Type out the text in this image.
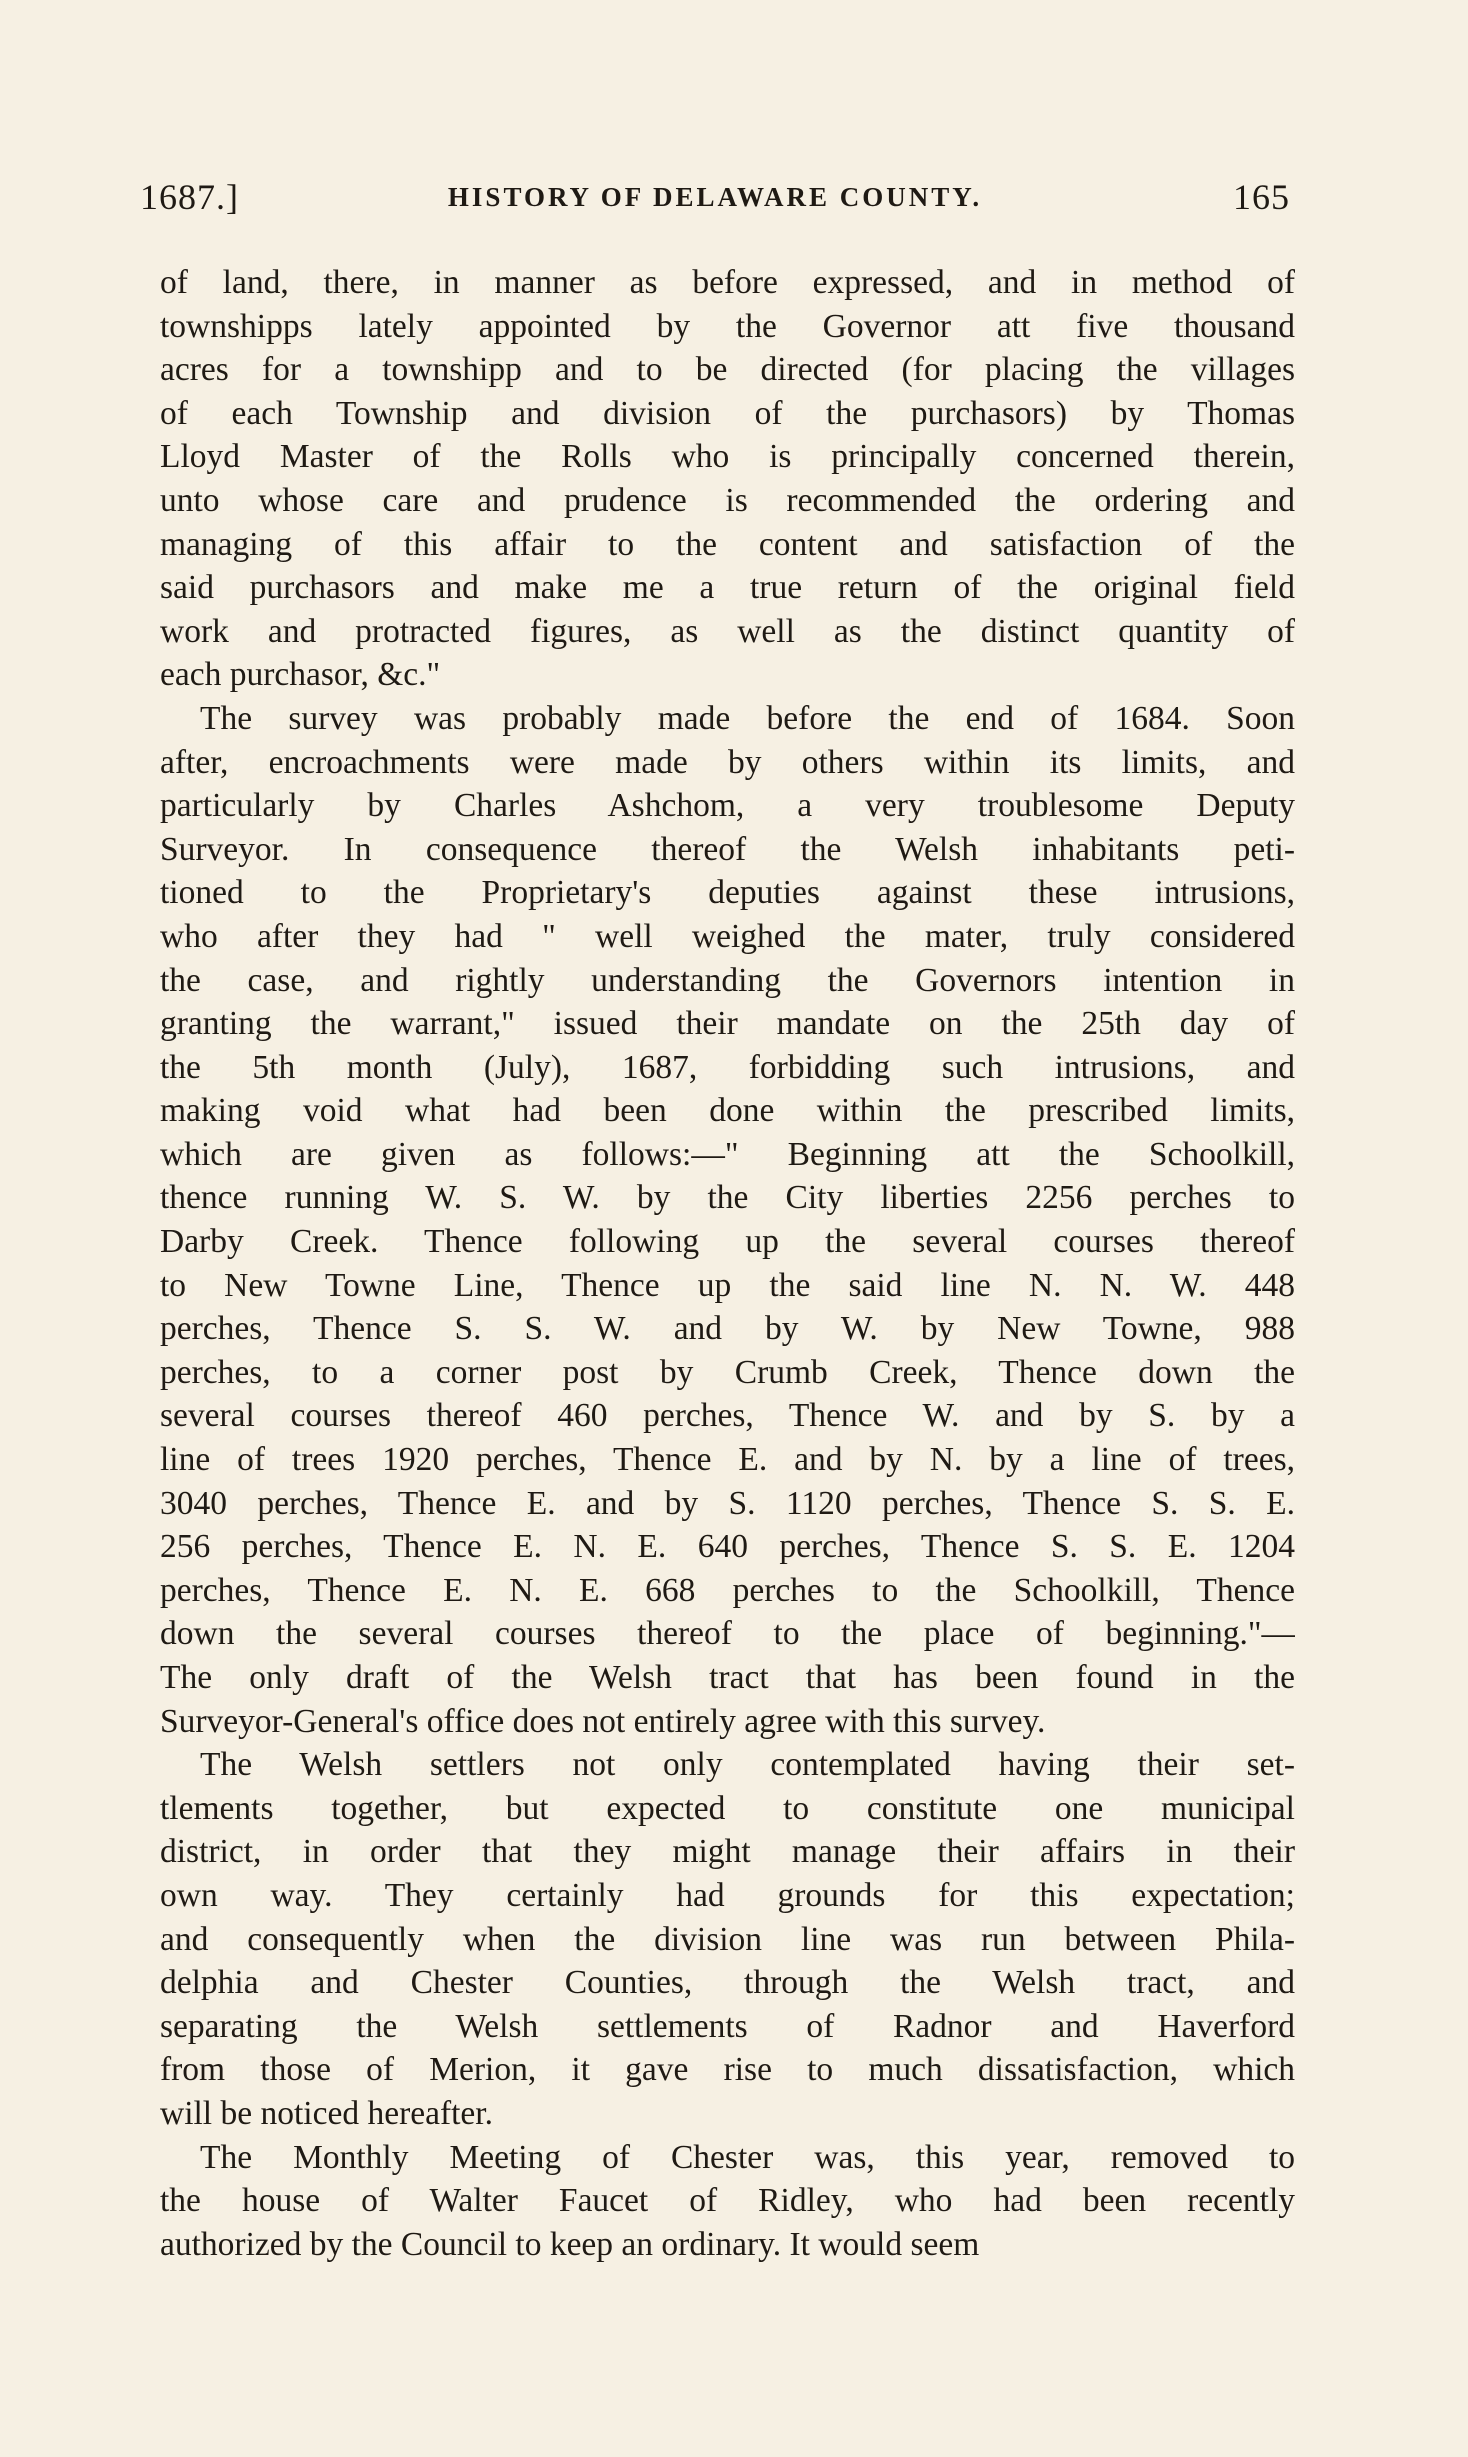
1687.]	HISTORY OF DELAWARE COUNTY.	165
of land, there, in manner as before expressed, and in method of
townshipps lately appointed by the Governor att five thousand
acres for a townshipp and to be directed (for placing the villages
of each Township and division of the purchasors) by Thomas
Lloyd Master of the Rolls who is principally concerned therein,
unto whose care and prudence is recommended the ordering and
managing of this affair to the content and satisfaction of the
said purchasors and make me a true return of the original field
work and protracted figures, as well as the distinct quantity of
each purchasor, &c."
The survey was probably made before the end of 1684. Soon
after, encroachments were made by others within its limits, and
particularly by Charles Ashchom, a very troublesome Deputy
Surveyor. In consequence thereof the Welsh inhabitants peti-
tioned to the Proprietary's deputies against these intrusions,
who after they had " well weighed the mater, truly considered
the case, and rightly understanding the Governors intention in
granting the warrant," issued their mandate on the 25th day of
the 5th month (July), 1687, forbidding such intrusions, and
making void what had been done within the prescribed limits,
which are given as follows:—" Beginning att the Schoolkill,
thence running W. S. W. by the City liberties 2256 perches to
Darby Creek. Thence following up the several courses thereof
to New Towne Line, Thence up the said line N. N. W. 448
perches, Thence S. S. W. and by W. by New Towne, 988
perches, to a corner post by Crumb Creek, Thence down the
several courses thereof 460 perches, Thence W. and by S. by a
line of trees 1920 perches, Thence E. and by N. by a line of trees,
3040 perches, Thence E. and by S. 1120 perches, Thence S. S. E.
256 perches, Thence E. N. E. 640 perches, Thence S. S. E. 1204
perches, Thence E. N. E. 668 perches to the Schoolkill, Thence
down the several courses thereof to the place of beginning."—
The only draft of the Welsh tract that has been found in the
Surveyor-General's office does not entirely agree with this survey.
The Welsh settlers not only contemplated having their set-
tlements together, but expected to constitute one municipal
district, in order that they might manage their affairs in their
own way. They certainly had grounds for this expectation;
and consequently when the division line was run between Phila-
delphia and Chester Counties, through the Welsh tract, and
separating the Welsh settlements of Radnor and Haverford
from those of Merion, it gave rise to much dissatisfaction, which
will be noticed hereafter.
The Monthly Meeting of Chester was, this year, removed to
the house of Walter Faucet of Ridley, who had been recently
authorized by the Council to keep an ordinary. It would seem
